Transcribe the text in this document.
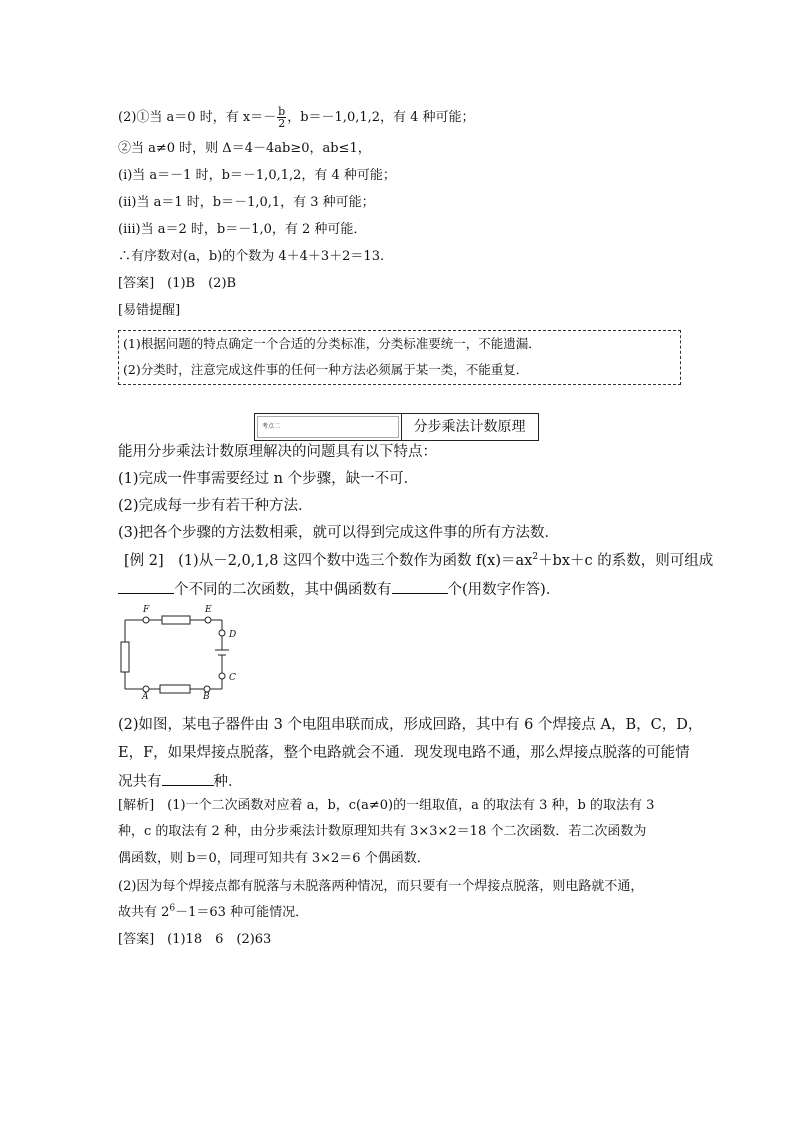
(2)①当 a＝0 时，有 $x=- \frac{b}{2}$ ，b＝－1,0,1,2，有 4 种可能；
②当 a≠0 时，则 Δ＝4－4ab≥0，ab≤1，
(ⅰ)当 a＝－1 时，b＝－1,0,1,2，有 4 种可能；
(ⅱ)当 a＝1 时，b＝－1,0,1，有 3 种可能；
(ⅲ)当 a＝2 时，b＝－1,0，有 2 种可能．
∴有序数对(a，b)的个数为 4＋4＋3＋2＝13.
[答案]　(1)B　(2)B
[易错提醒]
(1)根据问题的特点确定一个合适的分类标准，分类标准要统一，不能遗漏．
(2)分类时，注意完成这件事的任何一种方法必须属于某一类，不能重复．
考点二	分步乘法计数原理
能用分步乘法计数原理解决的问题具有以下特点：
(1)完成一件事需要经过 n 个步骤，缺一不可．
(2)完成每一步有若干种方法．
(3)把各个步骤的方法数相乘，就可以得到完成这件事的所有方法数．
[例 2]　(1)从－2,0,1,8 这四个数中选三个数作为函数 $f(x)=ax^2+bx+c$ 的系数，则可组成
个不同的二次函数，其中偶函数有	个(用数字作答)．
F	E
D
C
A	B
(2)如图，某电子器件由 3 个电阻串联而成，形成回路，其中有 6 个焊接点 A，B，C，D，
E，F，如果焊接点脱落，整个电路就会不通．现发现电路不通，那么焊接点脱落的可能情
况共有	种．
[解析]　(1)一个二次函数对应着 a，b，c(a≠0)的一组取值，a 的取法有 3 种，b 的取法有 3
种，c 的取法有 2 种，由分步乘法计数原理知共有 3×3×2＝18 个二次函数．若二次函数为
偶函数，则 b＝0，同理可知共有 3×2＝6 个偶函数．
(2)因为每个焊接点都有脱落与未脱落两种情况，而只要有一个焊接点脱落，则电路就不通，
故共有 $2^6-1=63$ 种可能情况．
[答案]　(1)18　6　(2)63
